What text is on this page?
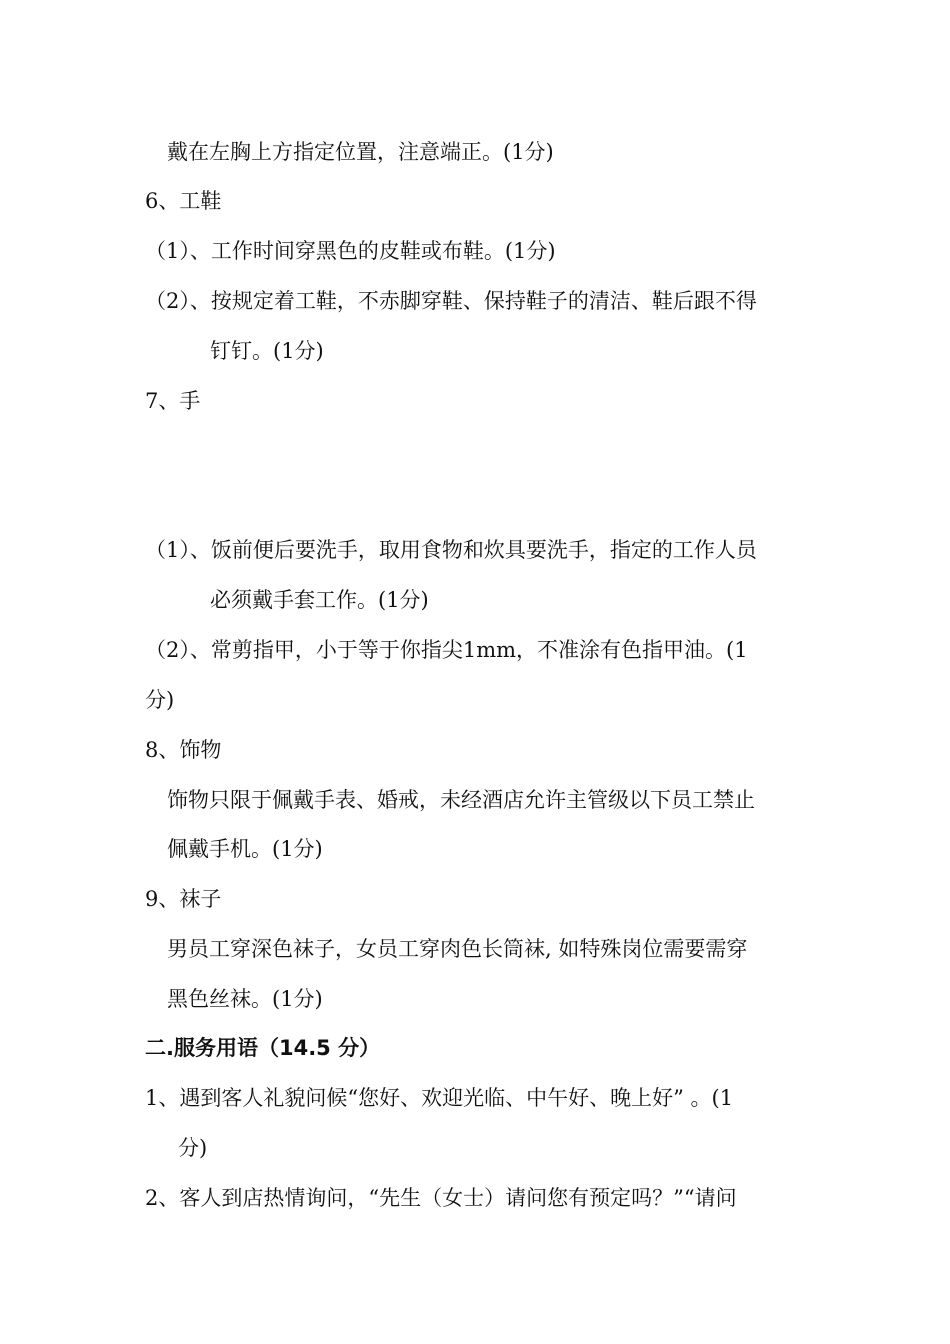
戴在左胸上方指定位置，注意端正。(1分)

6、工鞋

（1）、工作时间穿黑色的皮鞋或布鞋。(1分)

（2）、按规定着工鞋，不赤脚穿鞋、保持鞋子的清洁、鞋后跟不得

钉钉。(1分)

7、手

（1）、饭前便后要洗手，取用食物和炊具要洗手，指定的工作人员

必须戴手套工作。(1分)

（2）、常剪指甲，小于等于你指尖1mm，不准涂有色指甲油。(1

分)

8、饰物

饰物只限于佩戴手表、婚戒，未经酒店允许主管级以下员工禁止

佩戴手机。(1分)

9、袜子

男员工穿深色袜子，女员工穿肉色长筒袜, 如特殊岗位需要需穿

黑色丝袜。(1分)

二.服务用语（14.5 分）

1、遇到客人礼貌问候“您好、欢迎光临、中午好、晚上好” 。(1

分)

2、客人到店热情询问，“先生（女士）请问您有预定吗？”“请问
